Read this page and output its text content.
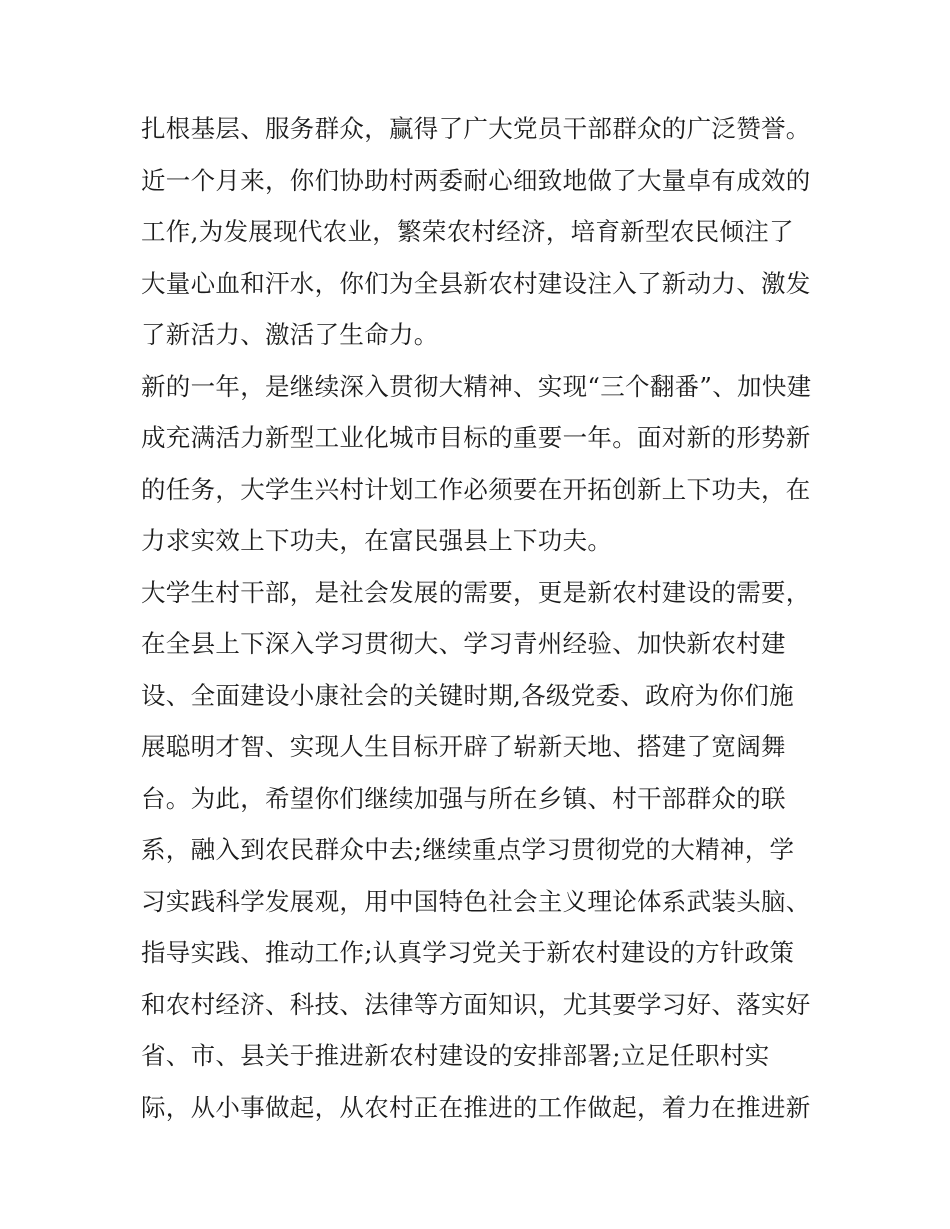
扎根基层、服务群众，赢得了广大党员干部群众的广泛赞誉。
近一个月来，你们协助村两委耐心细致地做了大量卓有成效的
工作,为发展现代农业，繁荣农村经济，培育新型农民倾注了
大量心血和汗水，你们为全县新农村建设注入了新动力、激发
了新活力、激活了生命力。
新的一年，是继续深入贯彻大精神、实现“三个翻番”、加快建
成充满活力新型工业化城市目标的重要一年。面对新的形势新
的任务，大学生兴村计划工作必须要在开拓创新上下功夫，在
力求实效上下功夫，在富民强县上下功夫。
大学生村干部，是社会发展的需要，更是新农村建设的需要，
在全县上下深入学习贯彻大、学习青州经验、加快新农村建
设、全面建设小康社会的关键时期,各级党委、政府为你们施
展聪明才智、实现人生目标开辟了崭新天地、搭建了宽阔舞
台。为此，希望你们继续加强与所在乡镇、村干部群众的联
系，融入到农民群众中去;继续重点学习贯彻党的大精神，学
习实践科学发展观，用中国特色社会主义理论体系武装头脑、
指导实践、推动工作;认真学习党关于新农村建设的方针政策
和农村经济、科技、法律等方面知识，尤其要学习好、落实好
省、市、县关于推进新农村建设的安排部署;立足任职村实
际，从小事做起，从农村正在推进的工作做起，着力在推进新
